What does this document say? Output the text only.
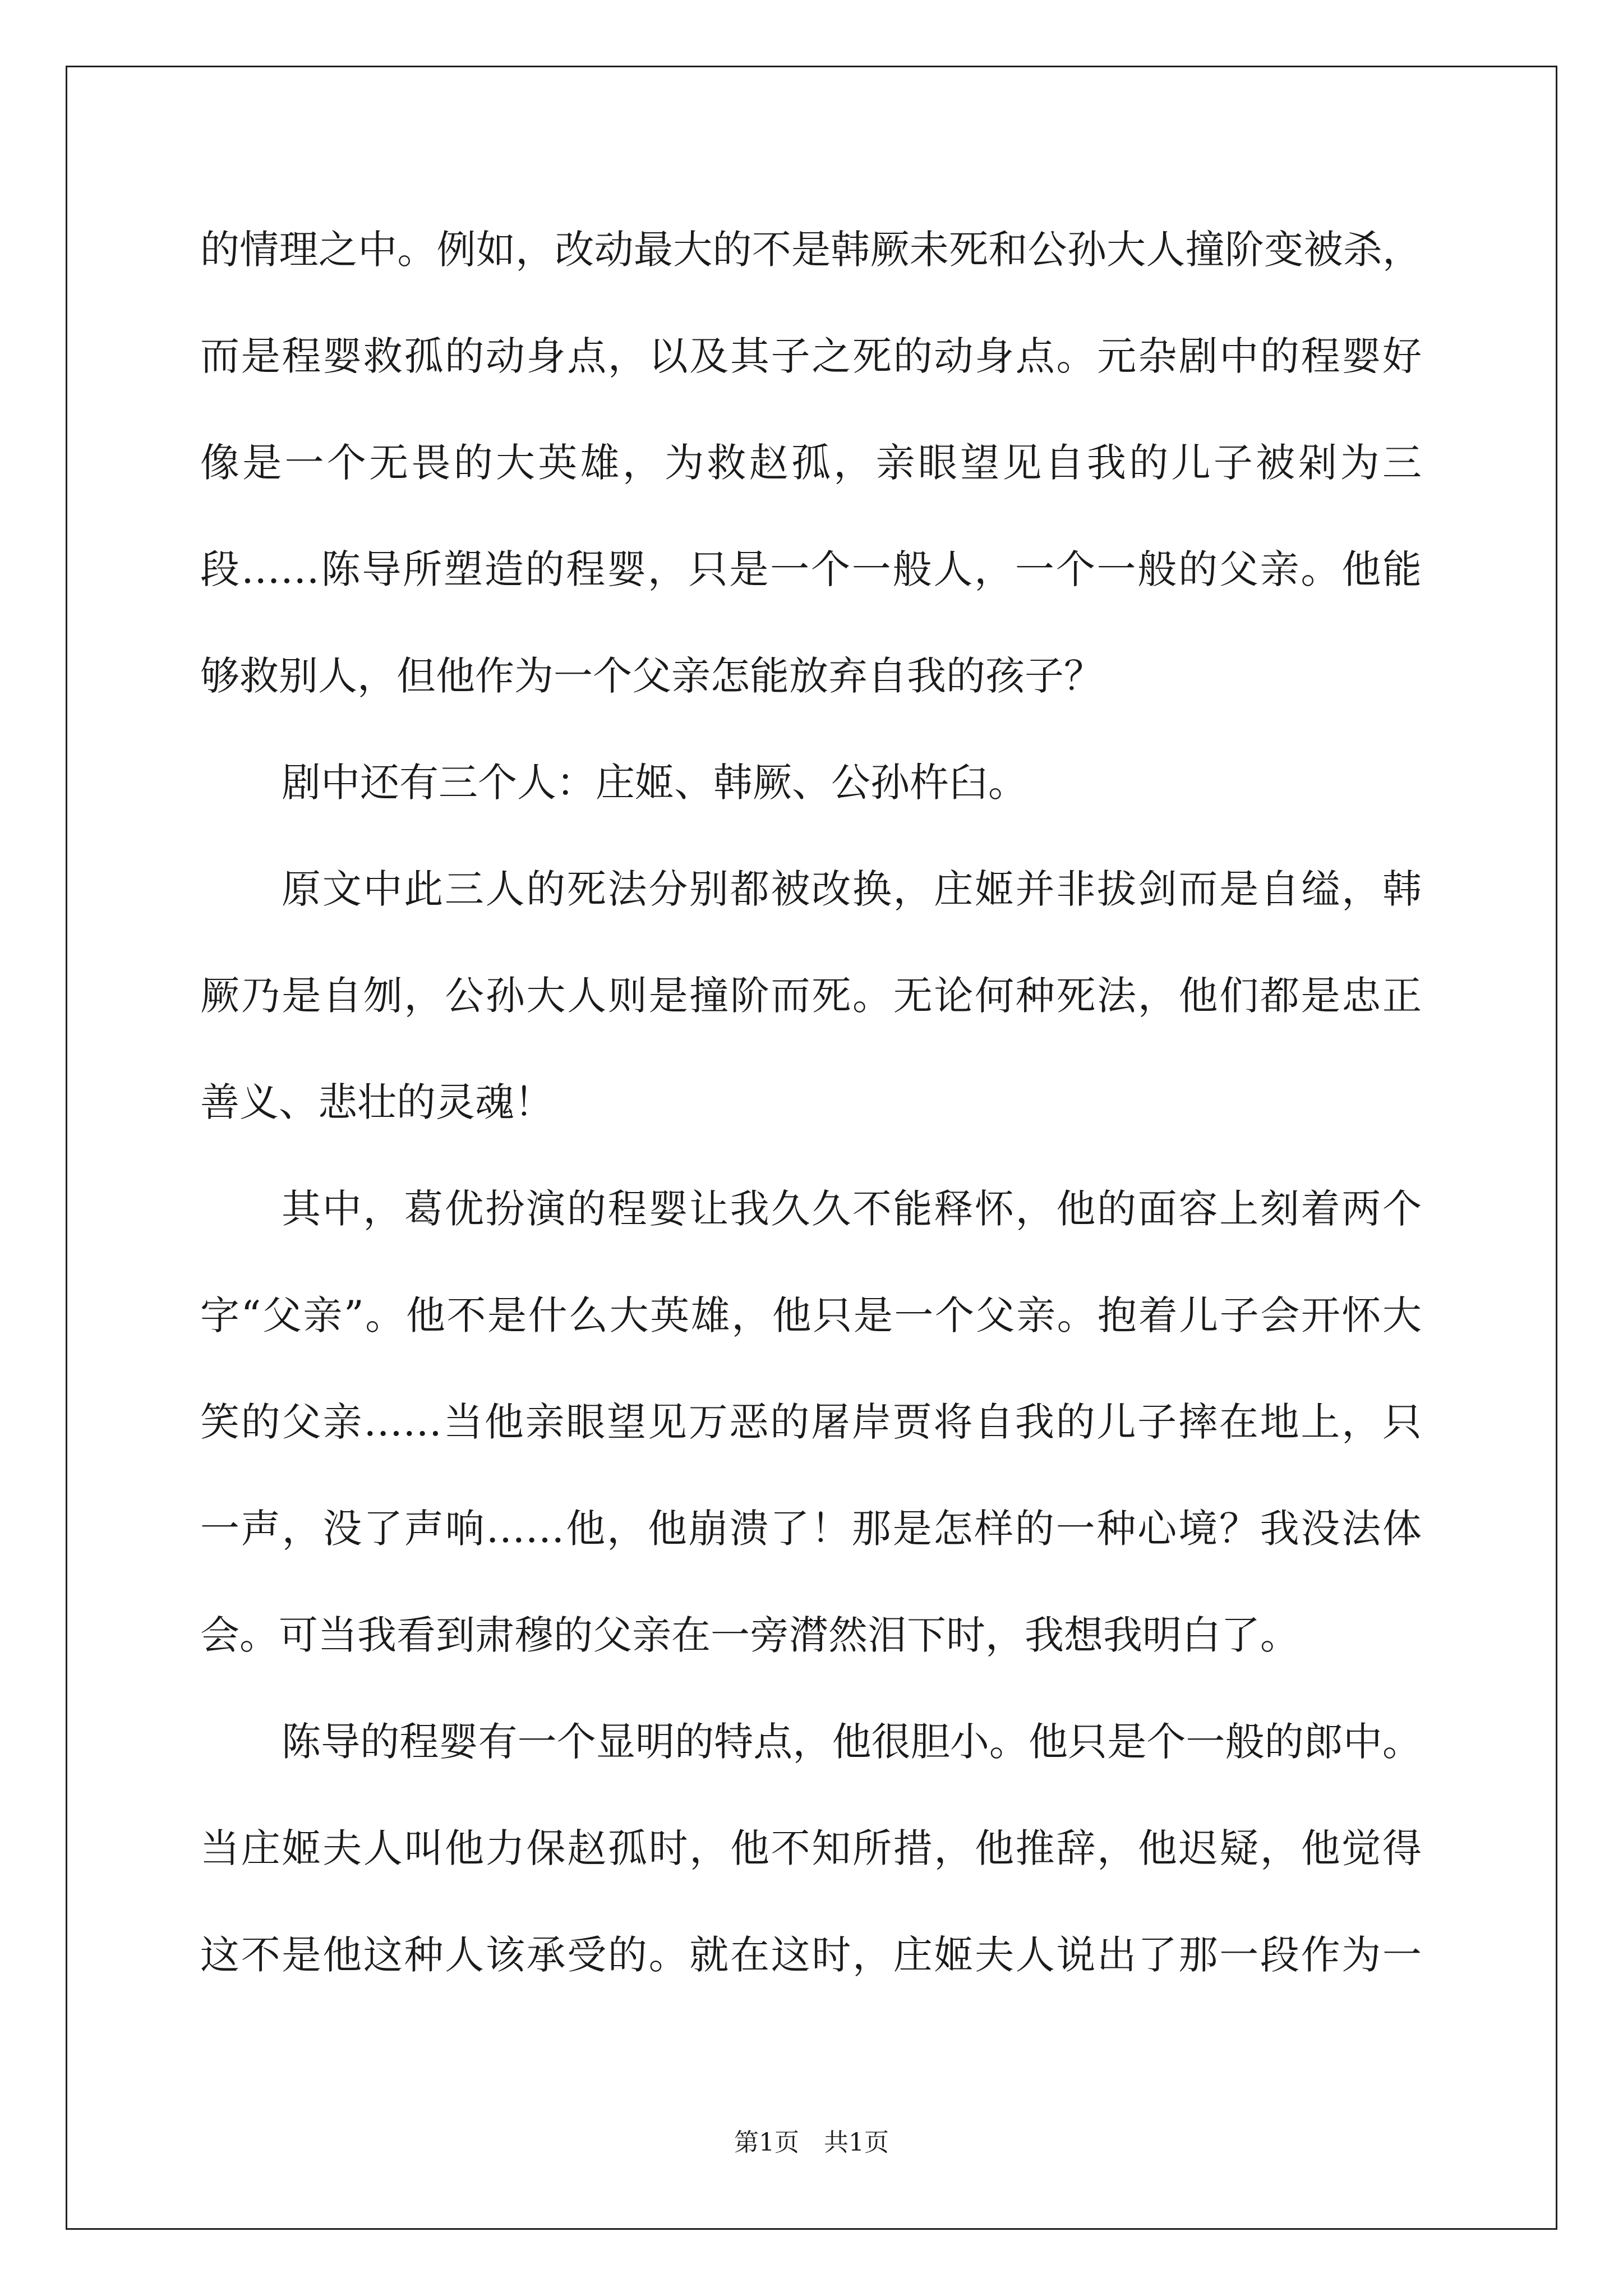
的情理之中。例如，改动最大的不是韩厥未死和公孙大人撞阶变被杀，
而是程婴救孤的动身点，以及其子之死的动身点。元杂剧中的程婴好
像是一个无畏的大英雄，为救赵孤，亲眼望见自我的儿子被剁为三
段……陈导所塑造的程婴，只是一个一般人，一个一般的父亲。他能
够救别人，但他作为一个父亲怎能放弃自我的孩子？
剧中还有三个人：庄姬、韩厥、公孙杵臼。
原文中此三人的死法分别都被改换，庄姬并非拔剑而是自缢，韩
厥乃是自刎，公孙大人则是撞阶而死。无论何种死法，他们都是忠正
善义、悲壮的灵魂！
其中，葛优扮演的程婴让我久久不能释怀，他的面容上刻着两个
字“父亲”。他不是什么大英雄，他只是一个父亲。抱着儿子会开怀大
笑的父亲……当他亲眼望见万恶的屠岸贾将自我的儿子摔在地上，只
一声，没了声响……他，他崩溃了！那是怎样的一种心境？我没法体
会。可当我看到肃穆的父亲在一旁潸然泪下时，我想我明白了。
陈导的程婴有一个显明的特点，他很胆小。他只是个一般的郎中。
当庄姬夫人叫他力保赵孤时，他不知所措，他推辞，他迟疑，他觉得
这不是他这种人该承受的。就在这时，庄姬夫人说出了那一段作为一
第1页　共1页
